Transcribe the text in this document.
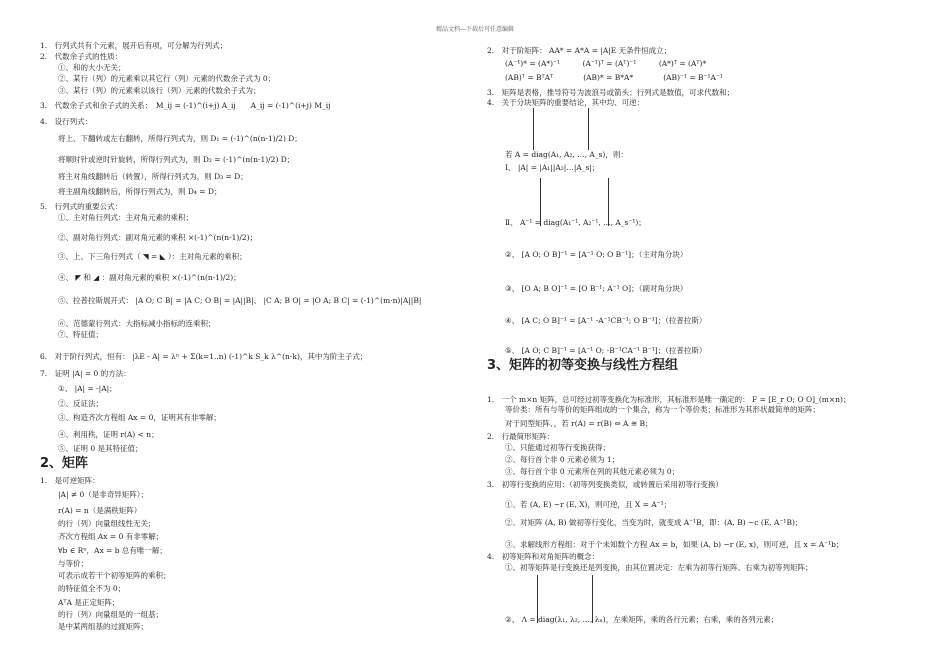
精品文档---下载后可任意编辑
1.　行列式共有个元素，展开后有项，可分解为行列式；
2.　代数余子式的性质：
①、和的大小无关；
②、某行（列）的元素乘以其它行（列）元素的代数余子式为 0；
③、某行（列）的元素乘以该行（列）元素的代数余子式为；
3.　代数余子式和余子式的关系：　M_ij = (-1)^(i+j) A_ij　　A_ij = (-1)^(i+j) M_ij
4.　设行列式：
将上、下翻转或左右翻转，所得行列式为，则 D₁ = (-1)^(n(n-1)/2) D；
将顺时针或逆时针旋转，所得行列式为，则 D₂ = (-1)^(n(n-1)/2) D；
将主对角线翻转后（转置），所得行列式为，则 D₃ = D；
将主副角线翻转后，所得行列式为，则 D₄ = D；
5.　行列式的重要公式：
①、主对角行列式：主对角元素的乘积；
②、副对角行列式：副对角元素的乘积 ×(-1)^(n(n-1)/2)；
③、上、下三角行列式（ ◥ = ◣ ）：主对角元素的乘积；
④、 ◤ 和 ◢ ：副对角元素的乘积 ×(-1)^(n(n-1)/2)；
⑤、拉普拉斯展开式： |A O; C B| = |A C; O B| = |A||B|、 |C A; B O| = |O A; B C| = (-1)^(m·n)|A||B|
⑥、范德蒙行列式：大指标减小指标的连乘积；
⑦、特征值；
6.　对于阶行列式，恒有： |λE - A| = λⁿ + Σ(k=1..n) (-1)^k S_k λ^(n-k)，其中为阶主子式；
7.　证明 |A| = 0 的方法：
①、 |A| = -|A|；
②、反证法；
③、构造齐次方程组 Ax = 0，证明其有非零解；
④、利用秩，证明 r(A) < n；
⑤、证明 0 是其特征值；
2、矩阵
1.　是可逆矩阵：
|A| ≠ 0（是非奇异矩阵）；
r(A) = n（是满秩矩阵）
的行（列）向量组线性无关；
齐次方程组 Ax = 0 有非零解；
∀b ∈ Rⁿ，Ax = b 总有唯一解；
与等价；
可表示成若干个初等矩阵的乘积；
的特征值全不为 0；
AᵀA 是正定矩阵；
的行（列）向量组是的一组基；
是中某两组基的过渡矩阵；
2.　对于阶矩阵： AA* = A*A = |A|E 无条件恒成立；
(A⁻¹)* = (A*)⁻¹　　　(A⁻¹)ᵀ = (Aᵀ)⁻¹　　　(A*)ᵀ = (Aᵀ)*
(AB)ᵀ = BᵀAᵀ　　　　(AB)* = B*A*　　　　(AB)⁻¹ = B⁻¹A⁻¹
3.　矩阵是表格，推导符号为波浪号或箭头；行列式是数值，可求代数和；
4.　关于分块矩阵的重要结论，其中均、可逆：
若 A = diag(A₁, A₂, …, A_s)，则：
Ⅰ、 |A| = |A₁||A₂|…|A_s|；
Ⅱ、 A⁻¹ = diag(A₁⁻¹, A₂⁻¹, …, A_s⁻¹)；
②、 [A O; O B]⁻¹ = [A⁻¹ O; O B⁻¹]；（主对角分块）
③、 [O A; B O]⁻¹ = [O B⁻¹; A⁻¹ O]；（副对角分块）
④、 [A C; O B]⁻¹ = [A⁻¹ -A⁻¹CB⁻¹; O B⁻¹]；（拉普拉斯）
⑤、 [A O; C B]⁻¹ = [A⁻¹ O; -B⁻¹CA⁻¹ B⁻¹]；（拉普拉斯）
3、矩阵的初等变换与线性方程组
1.　一个 m×n 矩阵，总可经过初等变换化为标准形，其标准形是唯一确定的： F = [E_r O; O O]_(m×n)；
等价类：所有与等价的矩阵组成的一个集合，称为一个等价类；标准形为其形状最简单的矩阵；
对于同型矩阵、，若 r(A) = r(B) ⇔ A ≅ B；
2.　行最简形矩阵：
①、只能通过初等行变换获得；
②、每行首个非 0 元素必须为 1；
③、每行首个非 0 元素所在列的其他元素必须为 0；
3.　初等行变换的应用：（初等列变换类似，或转置后采用初等行变换）
①、若 (A, E) ~r (E, X)，则可逆，且 X = A⁻¹；
②、对矩阵 (A, B) 做初等行变化，当变为时，就变成 A⁻¹B，即：(A, B) ~c (E, A⁻¹B)；
③、求解线形方程组：对于个未知数个方程 Ax = b，如果 (A, b) ~r (E, x)，则可逆，且 x = A⁻¹b；
4.　初等矩阵和对角矩阵的概念：
①、初等矩阵是行变换还是列变换，由其位置决定：左乘为初等行矩阵、右乘为初等列矩阵；
②、 Λ = diag(λ₁, λ₂, …, λₙ)，左乘矩阵，乘的各行元素；右乘，乘的各列元素；
